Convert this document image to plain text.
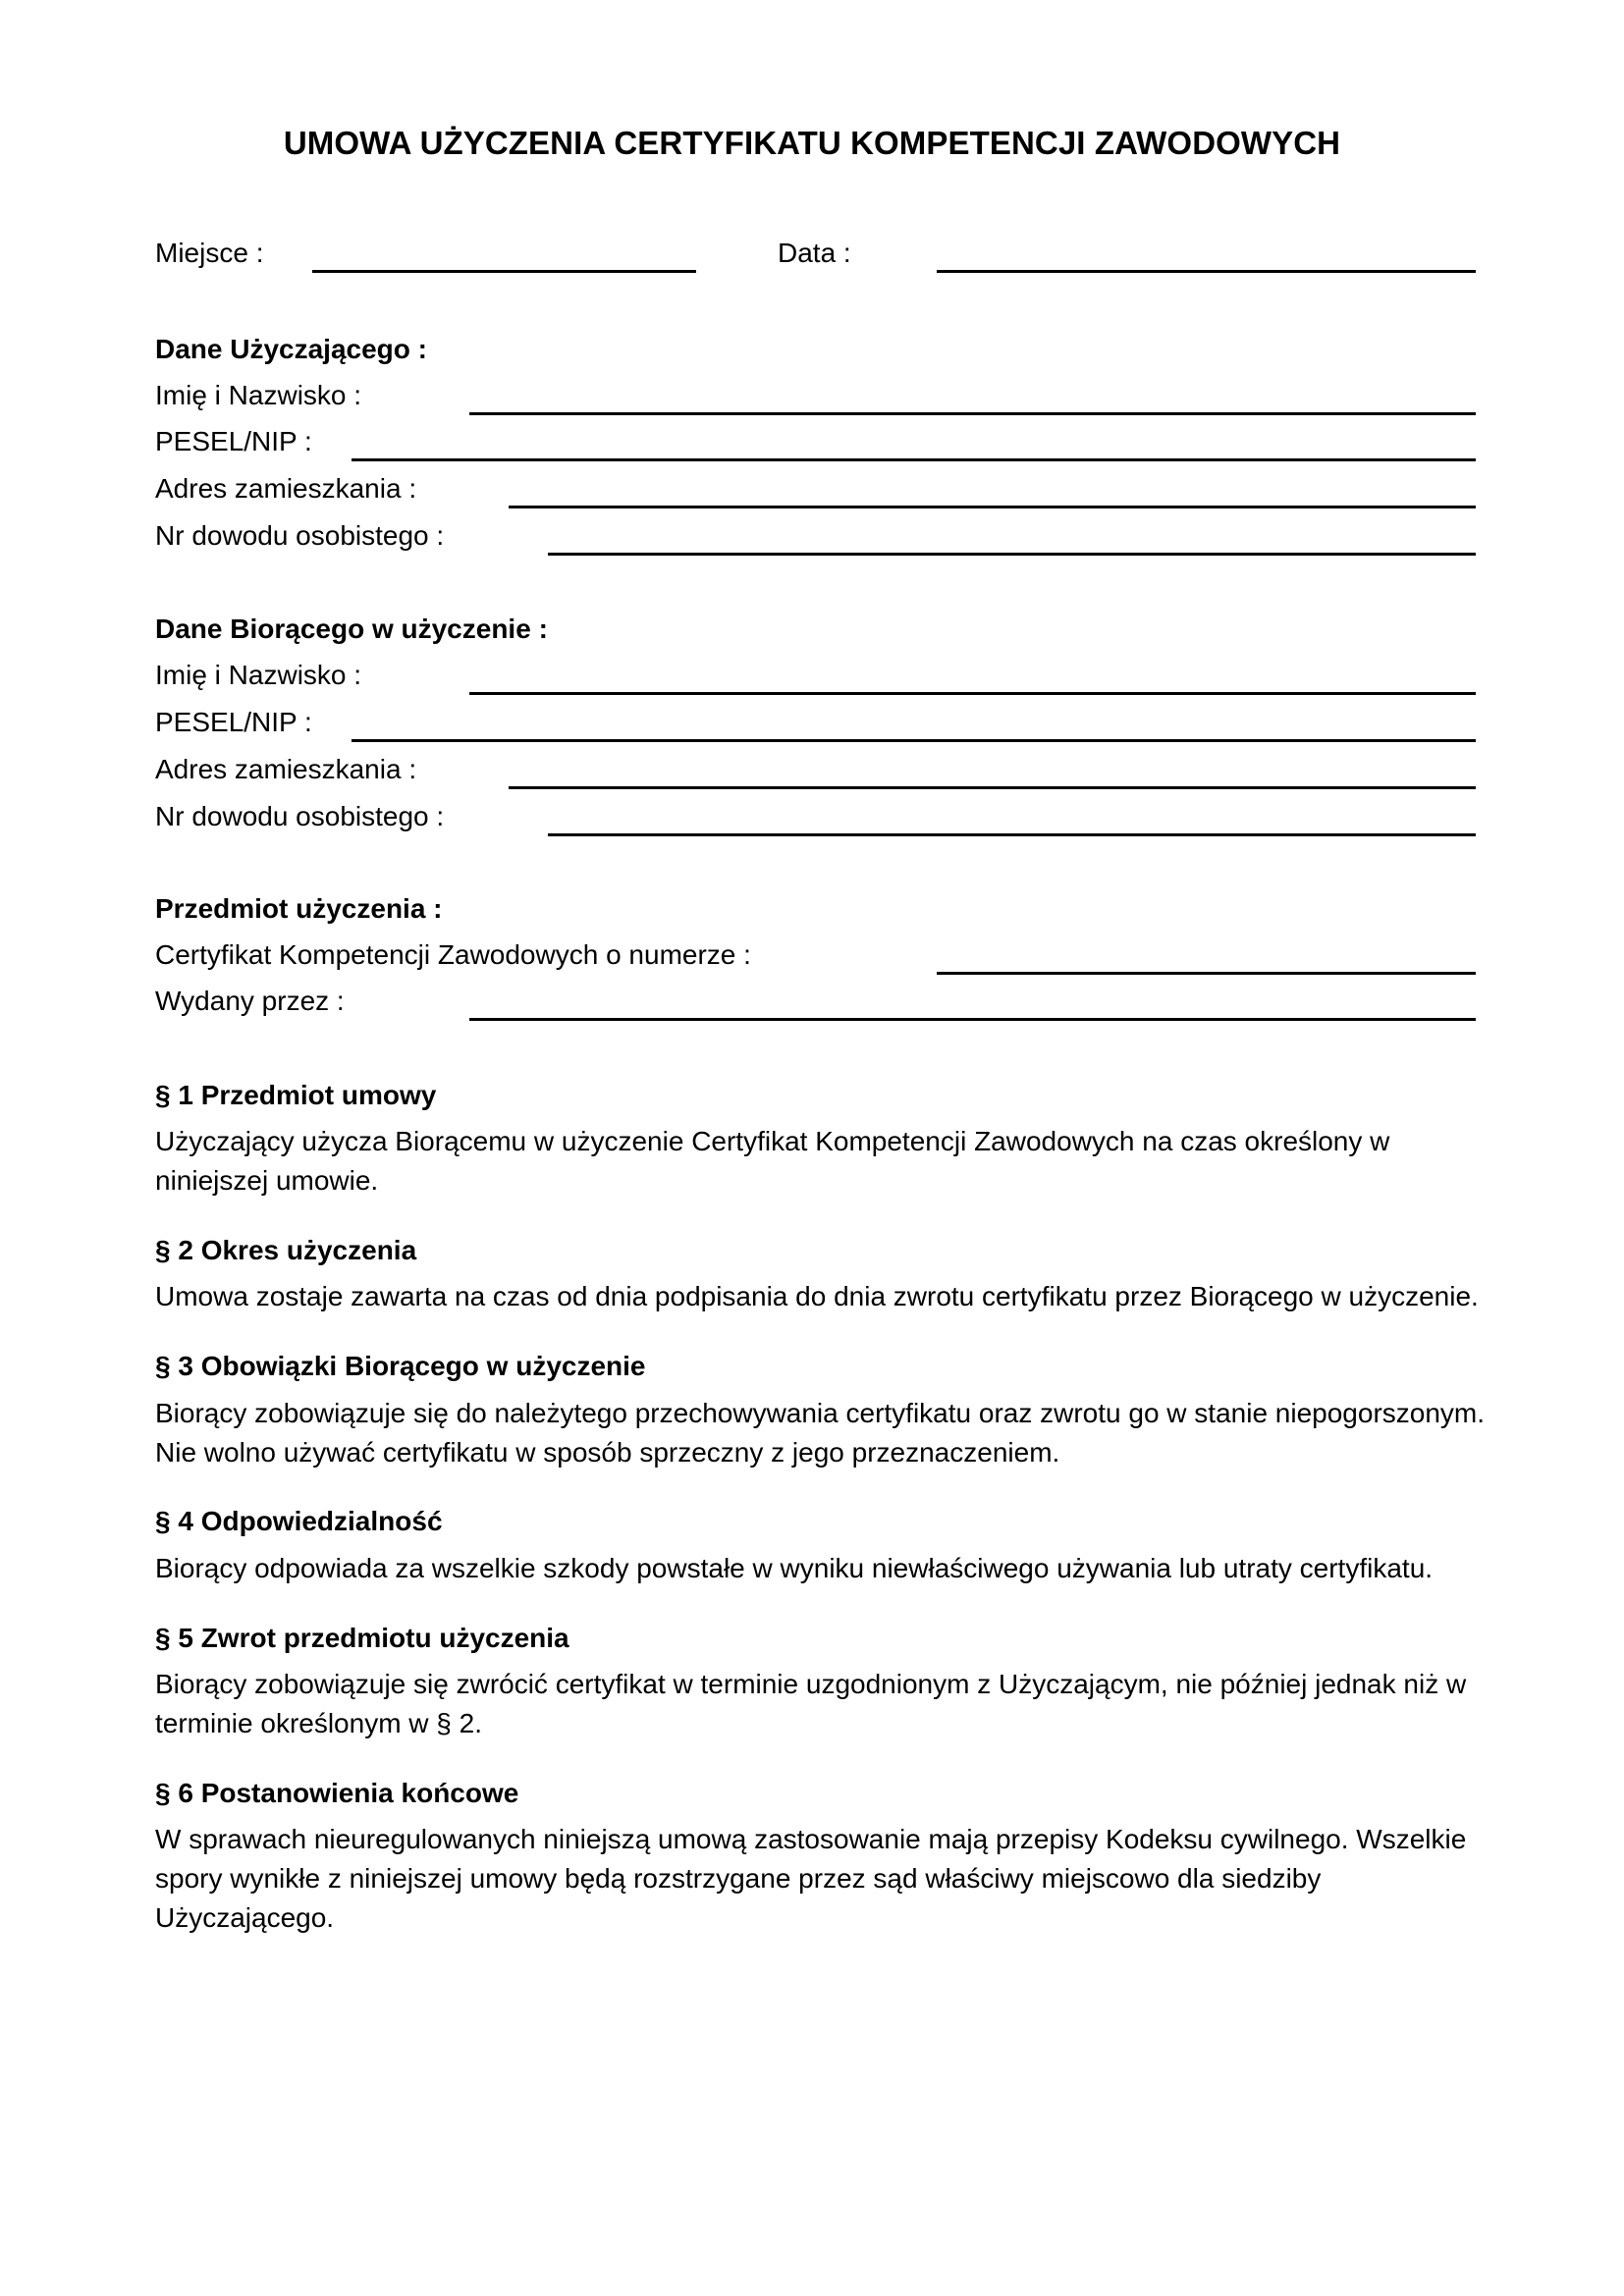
UMOWA UŻYCZENIA CERTYFIKATU KOMPETENCJI ZAWODOWYCH
Miejsce :	Data :
Dane Użyczającego :
Imię i Nazwisko :
PESEL/NIP :
Adres zamieszkania :
Nr dowodu osobistego :
Dane Biorącego w użyczenie :
Imię i Nazwisko :
PESEL/NIP :
Adres zamieszkania :
Nr dowodu osobistego :
Przedmiot użyczenia :
Certyfikat Kompetencji Zawodowych o numerze :
Wydany przez :
§ 1 Przedmiot umowy
Użyczający użycza Biorącemu w użyczenie Certyfikat Kompetencji Zawodowych na czas określony w niniejszej umowie.
§ 2 Okres użyczenia
Umowa zostaje zawarta na czas od dnia podpisania do dnia zwrotu certyfikatu przez Biorącego w użyczenie.
§ 3 Obowiązki Biorącego w użyczenie
Biorący zobowiązuje się do należytego przechowywania certyfikatu oraz zwrotu go w stanie niepogorszonym. Nie wolno używać certyfikatu w sposób sprzeczny z jego przeznaczeniem.
§ 4 Odpowiedzialność
Biorący odpowiada za wszelkie szkody powstałe w wyniku niewłaściwego używania lub utraty certyfikatu.
§ 5 Zwrot przedmiotu użyczenia
Biorący zobowiązuje się zwrócić certyfikat w terminie uzgodnionym z Użyczającym, nie później jednak niż w terminie określonym w § 2.
§ 6 Postanowienia końcowe
W sprawach nieuregulowanych niniejszą umową zastosowanie mają przepisy Kodeksu cywilnego. Wszelkie spory wynikłe z niniejszej umowy będą rozstrzygane przez sąd właściwy miejscowo dla siedziby Użyczającego.
